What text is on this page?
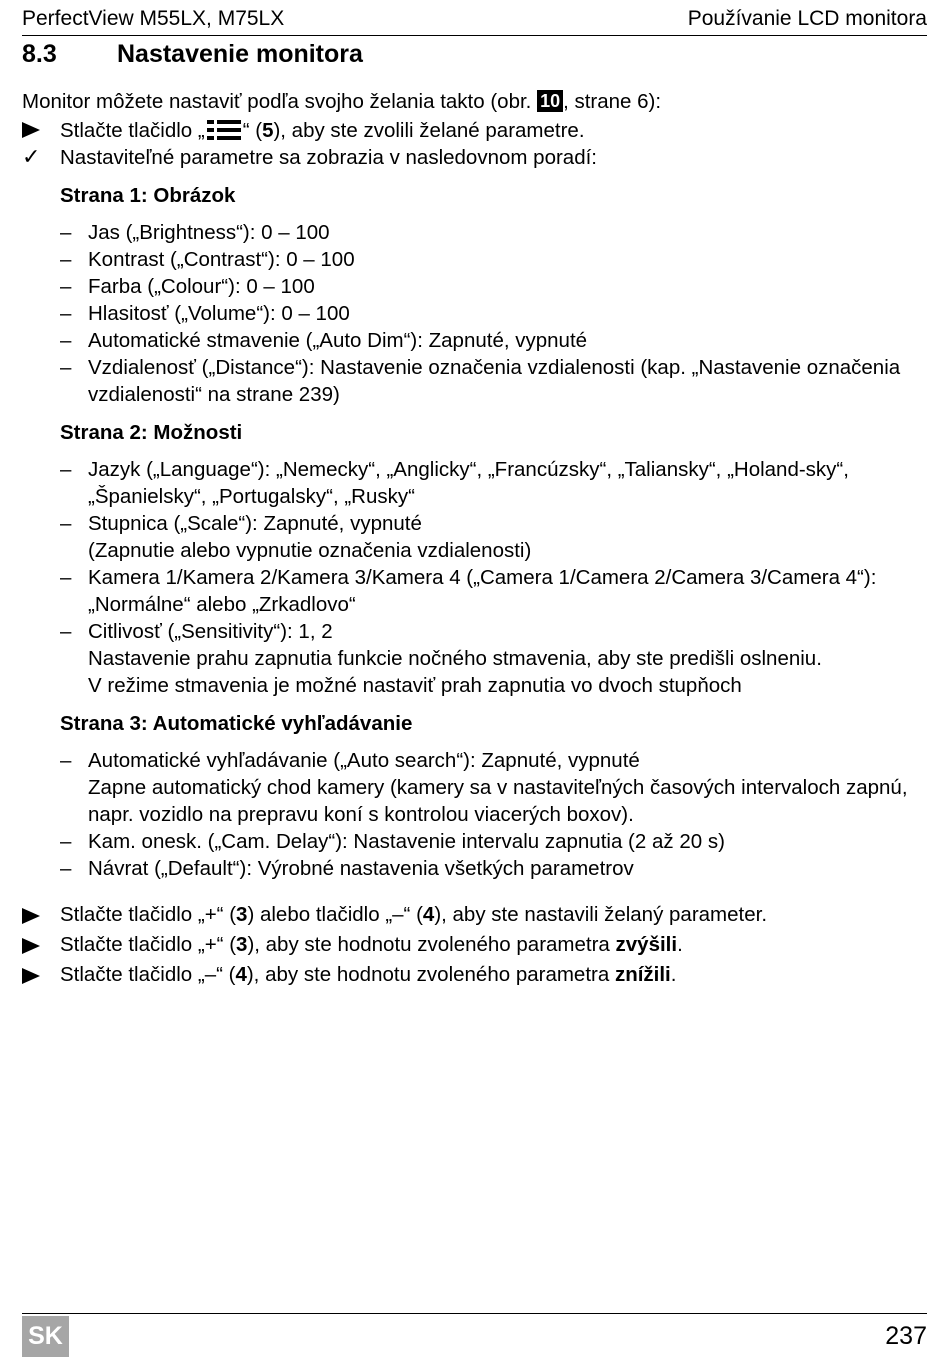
PerfectView M55LX, M75LX	Používanie LCD monitora
8.3 Nastavenie monitora

Monitor môžete nastaviť podľa svojho želania takto (obr. 10 , strane 6):

Stlačte tlačidlo „ “ (5), aby ste zvolili želané parametre.
✓ Nastaviteľné parametre sa zobrazia v nasledovnom poradí:
Strana 1: Obrázok
– Jas („Brightness“): 0 – 100
– Kontrast („Contrast“): 0 – 100
– Farba („Colour“): 0 – 100
– Hlasitosť („Volume“): 0 – 100
– Automatické stmavenie („Auto Dim“): Zapnuté, vypnuté
– Vzdialenosť („Distance“): Nastavenie označenia vzdialenosti (kap. „Nastavenie označenia vzdialenosti“ na strane 239)
Strana 2: Možnosti
– Jazyk („Language“): „Nemecky“, „Anglicky“, „Francúzsky“, „Taliansky“, „Holand-sky“, „Španielsky“, „Portugalsky“, „Rusky“
– Stupnica („Scale“): Zapnuté, vypnuté
(Zapnutie alebo vypnutie označenia vzdialenosti)
– Kamera 1/Kamera 2/Kamera 3/Kamera 4 („Camera 1/Camera 2/Camera 3/Camera 4“): „Normálne“ alebo „Zrkadlovo“
– Citlivosť („Sensitivity“): 1, 2
Nastavenie prahu zapnutia funkcie nočného stmavenia, aby ste predišli oslneniu.
V režime stmavenia je možné nastaviť prah zapnutia vo dvoch stupňoch
Strana 3: Automatické vyhľadávanie
– Automatické vyhľadávanie („Auto search“): Zapnuté, vypnuté
Zapne automatický chod kamery (kamery sa v nastaviteľných časových intervaloch zapnú, napr. vozidlo na prepravu koní s kontrolou viacerých boxov).
– Kam. onesk. („Cam. Delay“): Nastavenie intervalu zapnutia (2 až 20 s)
– Návrat („Default“): Výrobné nastavenia všetkých parametrov
Stlačte tlačidlo „+“ (3) alebo tlačidlo „–“ (4), aby ste nastavili želaný parameter.
Stlačte tlačidlo „+“ (3), aby ste hodnotu zvoleného parametra zvýšili.
Stlačte tlačidlo „–“ (4), aby ste hodnotu zvoleného parametra znížili.
SK	237
